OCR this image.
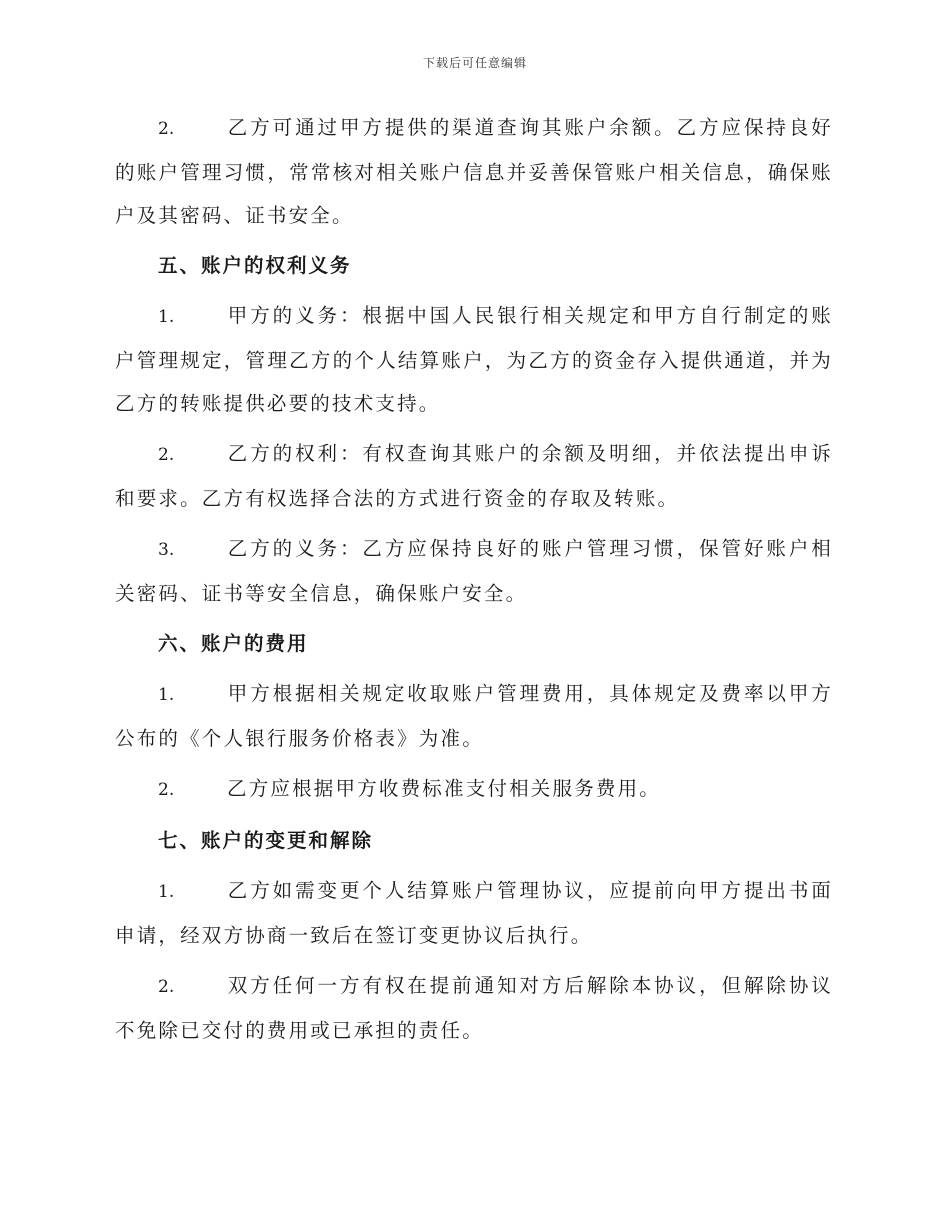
下载后可任意编辑

2.	乙方可通过甲方提供的渠道查询其账户余额。乙方应保持良好的账户管理习惯，常常核对相关账户信息并妥善保管账户相关信息，确保账户及其密码、证书安全。

五、账户的权利义务

1.	甲方的义务：根据中国人民银行相关规定和甲方自行制定的账户管理规定，管理乙方的个人结算账户，为乙方的资金存入提供通道，并为乙方的转账提供必要的技术支持。

2.	乙方的权利：有权查询其账户的余额及明细，并依法提出申诉和要求。乙方有权选择合法的方式进行资金的存取及转账。

3.	乙方的义务：乙方应保持良好的账户管理习惯，保管好账户相关密码、证书等安全信息，确保账户安全。

六、账户的费用

1.	甲方根据相关规定收取账户管理费用，具体规定及费率以甲方公布的《个人银行服务价格表》为准。

2.	乙方应根据甲方收费标准支付相关服务费用。

七、账户的变更和解除

1.	乙方如需变更个人结算账户管理协议，应提前向甲方提出书面申请，经双方协商一致后在签订变更协议后执行。

2.	双方任何一方有权在提前通知对方后解除本协议，但解除协议不免除已交付的费用或已承担的责任。
